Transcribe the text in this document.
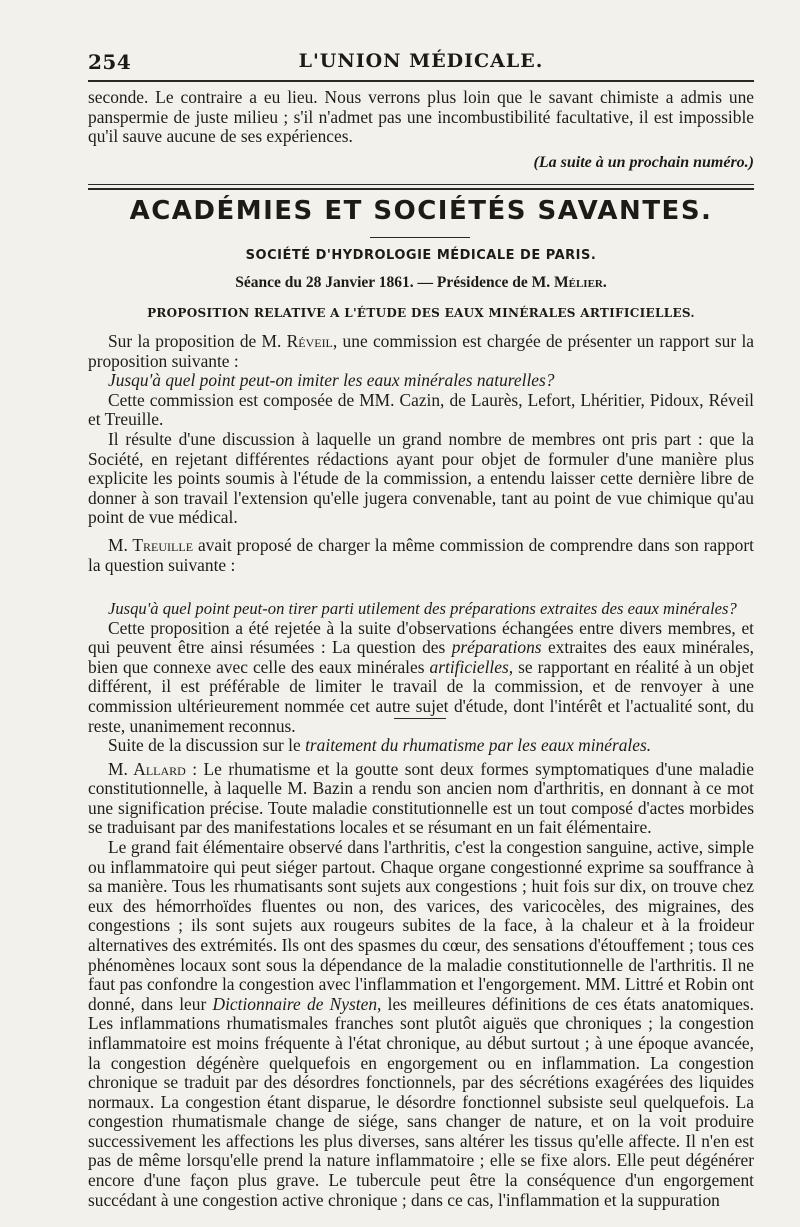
254	L'UNION MÉDICALE.

seconde. Le contraire a eu lieu. Nous verrons plus loin que le savant chimiste a admis une panspermie de juste milieu ; s'il n'admet pas une incombustibilité facultative, il est impossible qu'il sauve aucune de ses expériences.

(La suite à un prochain numéro.)
ACADÉMIES ET SOCIÉTÉS SAVANTES.
SOCIÉTÉ D'HYDROLOGIE MÉDICALE DE PARIS.
Séance du 28 Janvier 1861. — Présidence de M. Mélier.
PROPOSITION RELATIVE A L'ÉTUDE DES EAUX MINÉRALES ARTIFICIELLES.

Sur la proposition de M. Réveil, une commission est chargée de présenter un rapport sur la proposition suivante :

Jusqu'à quel point peut-on imiter les eaux minérales naturelles?

Cette commission est composée de MM. Cazin, de Laurès, Lefort, Lhéritier, Pidoux, Réveil et Treuille.

Il résulte d'une discussion à laquelle un grand nombre de membres ont pris part : que la Société, en rejetant différentes rédactions ayant pour objet de formuler d'une manière plus explicite les points soumis à l'étude de la commission, a entendu laisser cette dernière libre de donner à son travail l'extension qu'elle jugera convenable, tant au point de vue chimique qu'au point de vue médical.

M. Treuille avait proposé de charger la même commission de comprendre dans son rapport la question suivante :

Jusqu'à quel point peut-on tirer parti utilement des préparations extraites des eaux minérales?

Cette proposition a été rejetée à la suite d'observations échangées entre divers membres, et qui peuvent être ainsi résumées : La question des préparations extraites des eaux minérales, bien que connexe avec celle des eaux minérales artificielles, se rapportant en réalité à un objet différent, il est préférable de limiter le travail de la commission, et de renvoyer à une commission ultérieurement nommée cet autre sujet d'étude, dont l'intérêt et l'actualité sont, du reste, unanimement reconnus.

Suite de la discussion sur le traitement du rhumatisme par les eaux minérales.

M. Allard : Le rhumatisme et la goutte sont deux formes symptomatiques d'une maladie constitutionnelle, à laquelle M. Bazin a rendu son ancien nom d'arthritis, en donnant à ce mot une signification précise. Toute maladie constitutionnelle est un tout composé d'actes morbides se traduisant par des manifestations locales et se résumant en un fait élémentaire.

Le grand fait élémentaire observé dans l'arthritis, c'est la congestion sanguine, active, simple ou inflammatoire qui peut siéger partout. Chaque organe congestionné exprime sa souffrance à sa manière. Tous les rhumatisants sont sujets aux congestions ; huit fois sur dix, on trouve chez eux des hémorrhoïdes fluentes ou non, des varices, des varicocèles, des migraines, des congestions ; ils sont sujets aux rougeurs subites de la face, à la chaleur et à la froideur alternatives des extrémités. Ils ont des spasmes du cœur, des sensations d'étouffement ; tous ces phénomènes locaux sont sous la dépendance de la maladie constitutionnelle de l'arthritis. Il ne faut pas confondre la congestion avec l'inflammation et l'engorgement. MM. Littré et Robin ont donné, dans leur Dictionnaire de Nysten, les meilleures définitions de ces états anatomiques. Les inflammations rhumatismales franches sont plutôt aiguës que chroniques ; la congestion inflammatoire est moins fréquente à l'état chronique, au début surtout ; à une époque avancée, la congestion dégénère quelquefois en engorgement ou en inflammation. La congestion chronique se traduit par des désordres fonctionnels, par des sécrétions exagérées des liquides normaux. La congestion étant disparue, le désordre fonctionnel subsiste seul quelquefois. La congestion rhumatismale change de siége, sans changer de nature, et on la voit produire successivement les affections les plus diverses, sans altérer les tissus qu'elle affecte. Il n'en est pas de même lorsqu'elle prend la nature inflammatoire ; elle se fixe alors. Elle peut dégénérer encore d'une façon plus grave. Le tubercule peut être la conséquence d'un engorgement succédant à une congestion active chronique ; dans ce cas, l'inflammation et la suppuration
